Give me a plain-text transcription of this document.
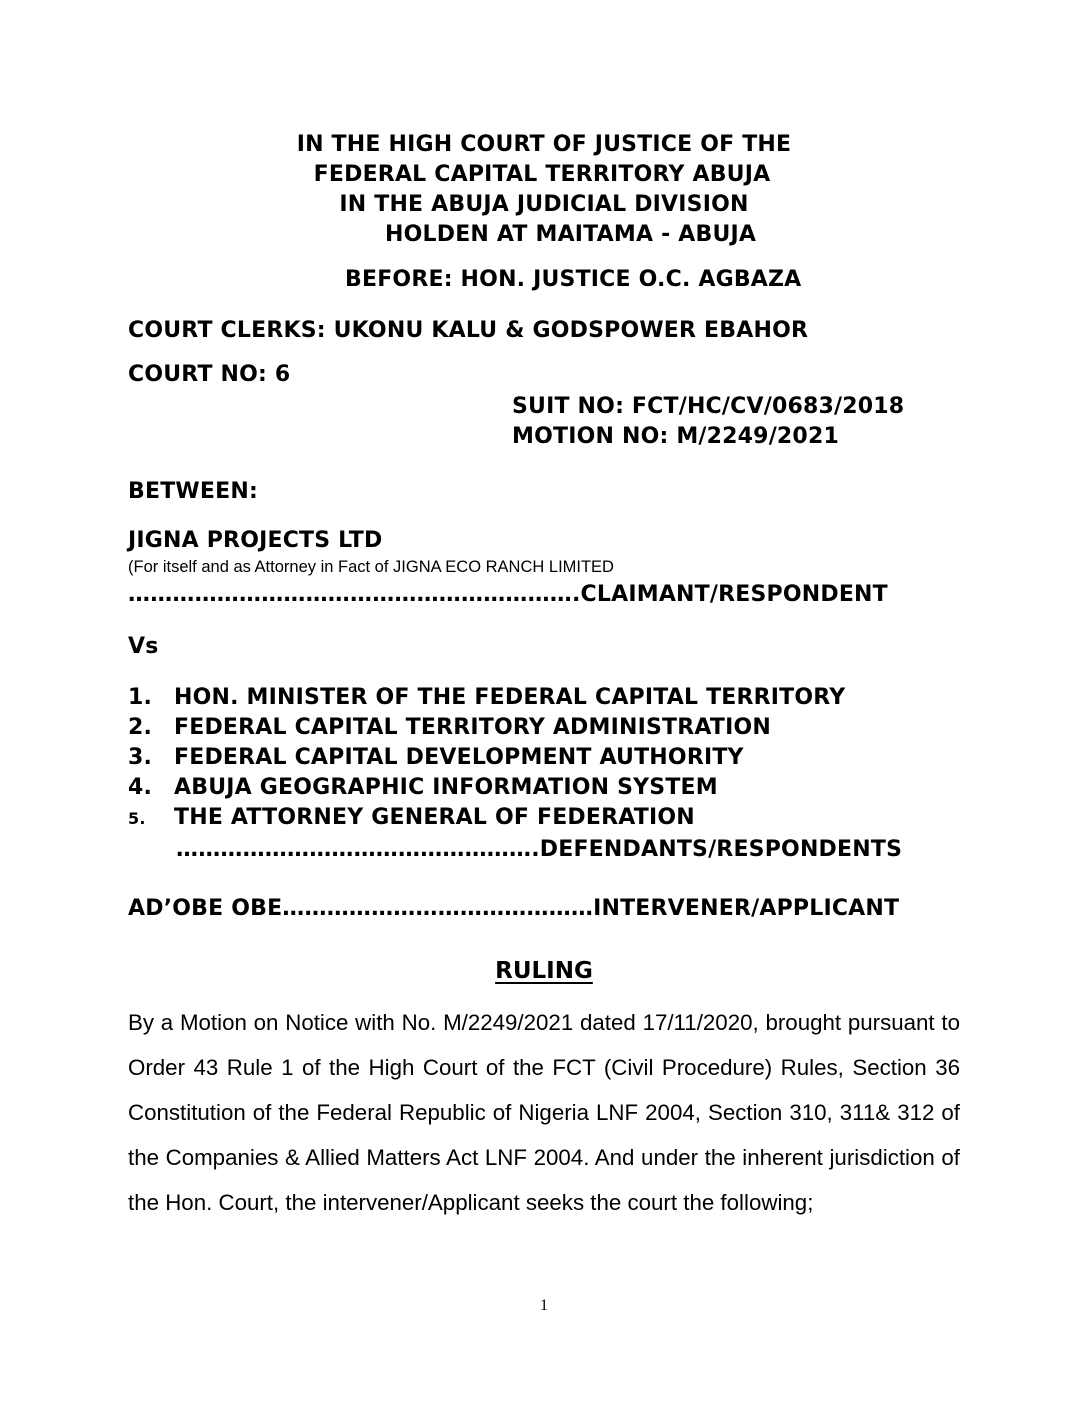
IN THE HIGH COURT OF JUSTICE OF THE
FEDERAL CAPITAL TERRITORY ABUJA
IN THE ABUJA JUDICIAL DIVISION
HOLDEN AT MAITAMA - ABUJA
BEFORE: HON. JUSTICE O.C. AGBAZA
COURT CLERKS: UKONU KALU & GODSPOWER EBAHOR
COURT NO: 6
SUIT NO: FCT/HC/CV/0683/2018
MOTION NO: M/2249/2021
BETWEEN:
JIGNA PROJECTS LTD
(For itself and as Attorney in Fact of JIGNA ECO RANCH LIMITED
…………………………………………………….CLAIMANT/RESPONDENT
Vs
1. HON. MINISTER OF THE FEDERAL CAPITAL TERRITORY
2. FEDERAL CAPITAL TERRITORY ADMINISTRATION
3. FEDERAL CAPITAL DEVELOPMENT AUTHORITY
4. ABUJA GEOGRAPHIC INFORMATION SYSTEM
5. THE ATTORNEY GENERAL OF FEDERATION
………………………………………….DEFENDANTS/RESPONDENTS
AD’OBE OBE……………………………………INTERVENER/APPLICANT
RULING
By a Motion on Notice with No. M/2249/2021 dated 17/11/2020, brought pursuant to Order 43 Rule 1 of the High Court of the FCT (Civil Procedure) Rules, Section 36 Constitution of the Federal Republic of Nigeria LNF 2004, Section 310, 311& 312 of the Companies & Allied Matters Act LNF 2004. And under the inherent jurisdiction of the Hon. Court, the intervener/Applicant seeks the court the following;
1
